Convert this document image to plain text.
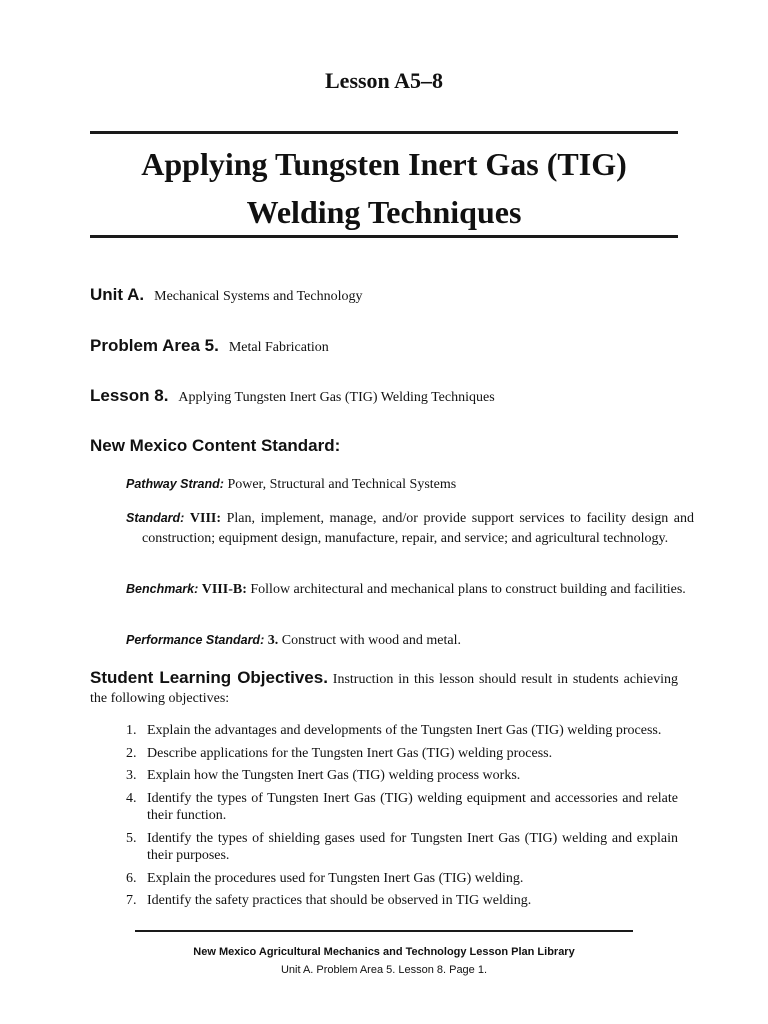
Lesson A5–8
Applying Tungsten Inert Gas (TIG)
Welding Techniques
Unit A. Mechanical Systems and Technology
Problem Area 5. Metal Fabrication
Lesson 8. Applying Tungsten Inert Gas (TIG) Welding Techniques
New Mexico Content Standard:
Pathway Strand: Power, Structural and Technical Systems
Standard: VIII: Plan, implement, manage, and/or provide support services to facility design and construction; equipment design, manufacture, repair, and service; and agricultural technology.
Benchmark: VIII-B: Follow architectural and mechanical plans to construct building and facilities.
Performance Standard: 3. Construct with wood and metal.
Student Learning Objectives. Instruction in this lesson should result in students achieving the following objectives:
1. Explain the advantages and developments of the Tungsten Inert Gas (TIG) welding process.
2. Describe applications for the Tungsten Inert Gas (TIG) welding process.
3. Explain how the Tungsten Inert Gas (TIG) welding process works.
4. Identify the types of Tungsten Inert Gas (TIG) welding equipment and accessories and relate their function.
5. Identify the types of shielding gases used for Tungsten Inert Gas (TIG) welding and explain their purposes.
6. Explain the procedures used for Tungsten Inert Gas (TIG) welding.
7. Identify the safety practices that should be observed in TIG welding.
New Mexico Agricultural Mechanics and Technology Lesson Plan Library
Unit A. Problem Area 5. Lesson 8. Page 1.
